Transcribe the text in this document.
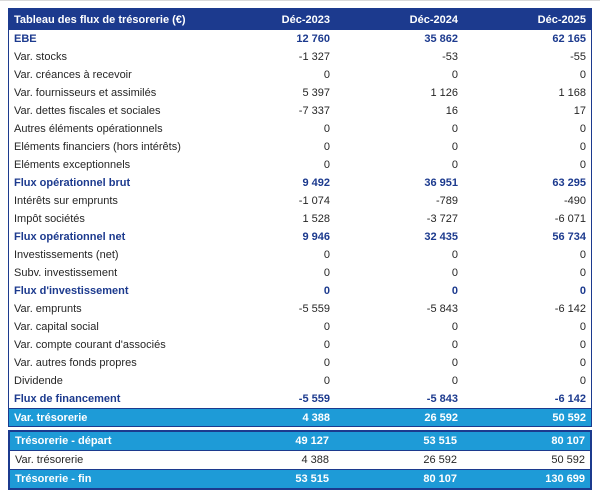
Tableau des flux de trésorerie (€)	Déc-2023	Déc-2024	Déc-2025
EBE	12 760	35 862	62 165
Var. stocks	-1 327	-53	-55
Var. créances à recevoir	0	0	0
Var. fournisseurs et assimilés	5 397	1 126	1 168
Var. dettes fiscales et sociales	-7 337	16	17
Autres éléments opérationnels	0	0	0
Eléments financiers (hors intérêts)	0	0	0
Eléments exceptionnels	0	0	0
Flux opérationnel brut	9 492	36 951	63 295
Intérêts sur emprunts	-1 074	-789	-490
Impôt sociétés	1 528	-3 727	-6 071
Flux opérationnel net	9 946	32 435	56 734
Investissements (net)	0	0	0
Subv. investissement	0	0	0
Flux d'investissement	0	0	0
Var. emprunts	-5 559	-5 843	-6 142
Var. capital social	0	0	0
Var. compte courant d'associés	0	0	0
Var. autres fonds propres	0	0	0
Dividende	0	0	0
Flux de financement	-5 559	-5 843	-6 142
Var. trésorerie	4 388	26 592	50 592
Trésorerie - départ	49 127	53 515	80 107
Var. trésorerie	4 388	26 592	50 592
Trésorerie - fin	53 515	80 107	130 699
